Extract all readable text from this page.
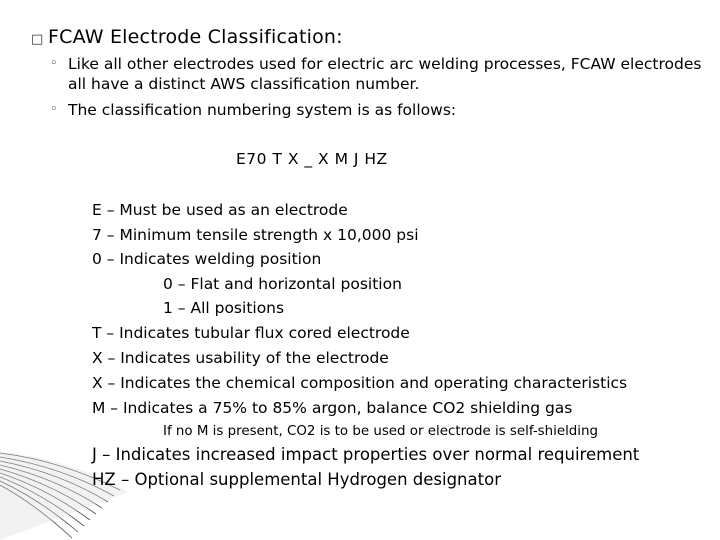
□ FCAW Electrode Classification:
◦ Like all other electrodes used for electric arc welding processes, FCAW electrodes all have a distinct AWS classification number.
◦ The classification numbering system is as follows:
E70 T X _ X M J HZ
E – Must be used as an electrode
7 – Minimum tensile strength x 10,000 psi
0 – Indicates welding position
0 – Flat and horizontal position
1 – All positions
T – Indicates tubular flux cored electrode
X – Indicates usability of the electrode
X – Indicates the chemical composition and operating characteristics
M – Indicates a 75% to 85% argon, balance CO2 shielding gas
If no M is present, CO2 is to be used or electrode is self-shielding
J – Indicates increased impact properties over normal requirement
HZ – Optional supplemental Hydrogen designator
